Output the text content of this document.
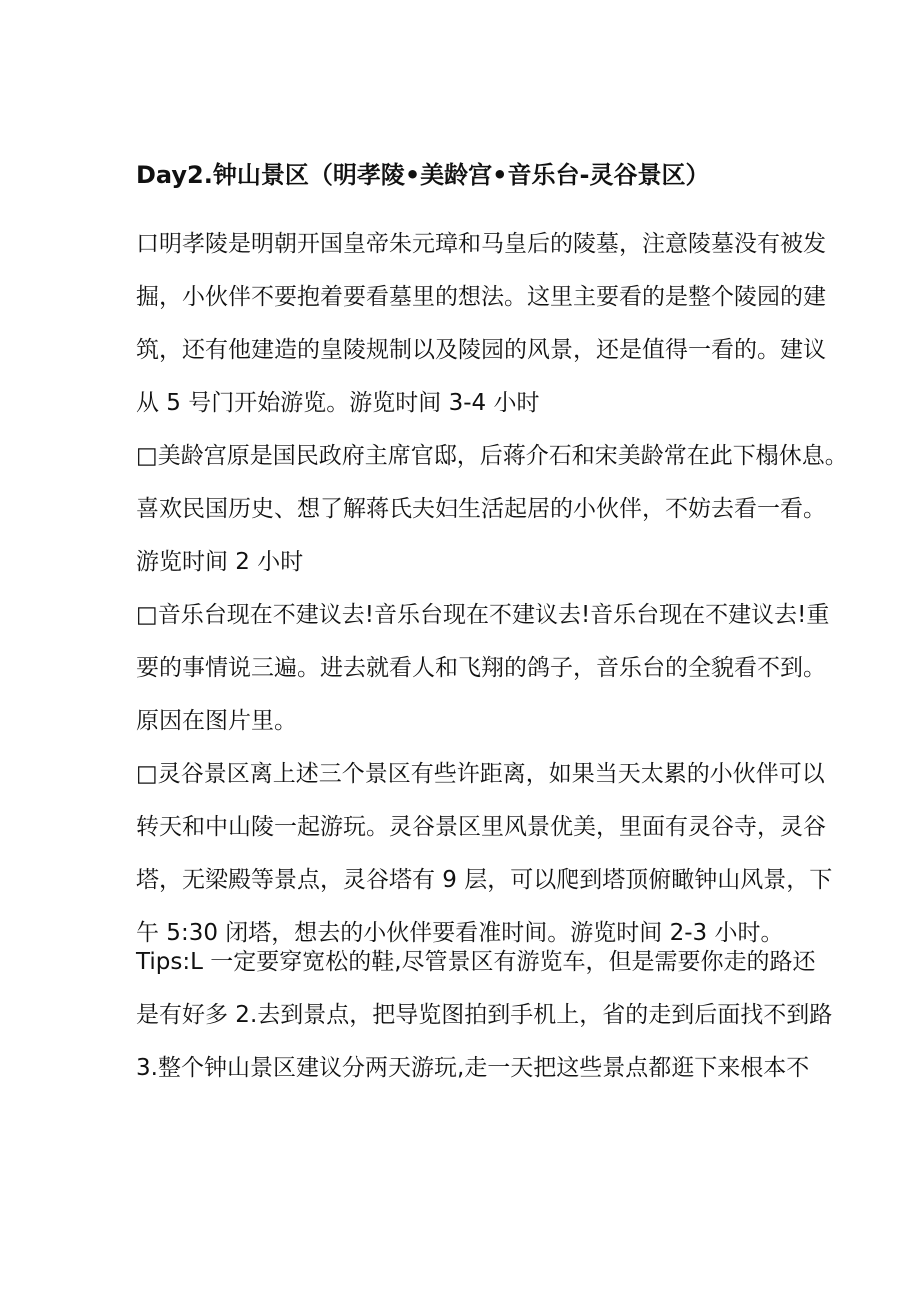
Day2.钟山景区（明孝陵•美龄宫•音乐台-灵谷景区）
口明孝陵是明朝开国皇帝朱元璋和马皇后的陵墓，注意陵墓没有被发
掘，小伙伴不要抱着要看墓里的想法。这里主要看的是整个陵园的建
筑，还有他建造的皇陵规制以及陵园的风景，还是值得一看的。建议
从 5 号门开始游览。游览时间 3-4 小时
□美龄宫原是国民政府主席官邸，后蒋介石和宋美龄常在此下榻休息。
喜欢民国历史、想了解蒋氏夫妇生活起居的小伙伴，不妨去看一看。
游览时间 2 小时
□音乐台现在不建议去!音乐台现在不建议去!音乐台现在不建议去!重
要的事情说三遍。进去就看人和飞翔的鸽子，音乐台的全貌看不到。
原因在图片里。
□灵谷景区离上述三个景区有些许距离，如果当天太累的小伙伴可以
转天和中山陵一起游玩。灵谷景区里风景优美，里面有灵谷寺，灵谷
塔，无梁殿等景点，灵谷塔有 9 层，可以爬到塔顶俯瞰钟山风景，下
午 5:30 闭塔，想去的小伙伴要看准时间。游览时间 2-3 小时。
Tips:L 一定要穿宽松的鞋,尽管景区有游览车，但是需要你走的路还
是有好多 2.去到景点，把导览图拍到手机上，省的走到后面找不到路
3.整个钟山景区建议分两天游玩,走一天把这些景点都逛下来根本不
